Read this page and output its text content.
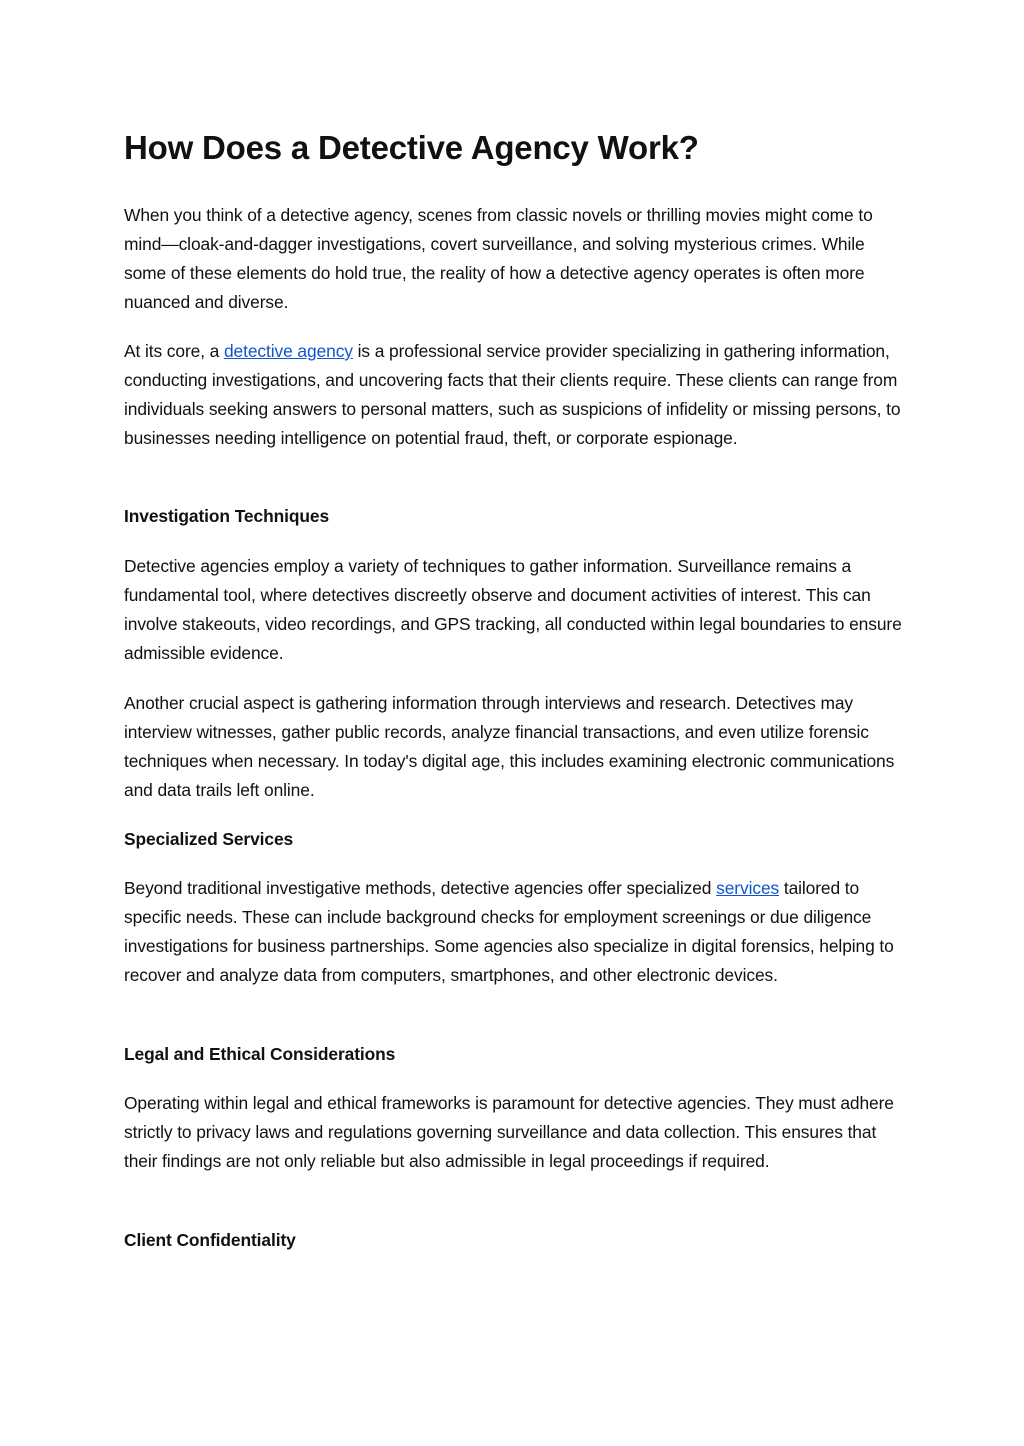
How Does a Detective Agency Work?

When you think of a detective agency, scenes from classic novels or thrilling movies might come to mind—cloak-and-dagger investigations, covert surveillance, and solving mysterious crimes. While some of these elements do hold true, the reality of how a detective agency operates is often more nuanced and diverse.

At its core, a detective agency is a professional service provider specializing in gathering information, conducting investigations, and uncovering facts that their clients require. These clients can range from individuals seeking answers to personal matters, such as suspicions of infidelity or missing persons, to businesses needing intelligence on potential fraud, theft, or corporate espionage.

Investigation Techniques

Detective agencies employ a variety of techniques to gather information. Surveillance remains a fundamental tool, where detectives discreetly observe and document activities of interest. This can involve stakeouts, video recordings, and GPS tracking, all conducted within legal boundaries to ensure admissible evidence.

Another crucial aspect is gathering information through interviews and research. Detectives may interview witnesses, gather public records, analyze financial transactions, and even utilize forensic techniques when necessary. In today's digital age, this includes examining electronic communications and data trails left online.

Specialized Services

Beyond traditional investigative methods, detective agencies offer specialized services tailored to specific needs. These can include background checks for employment screenings or due diligence investigations for business partnerships. Some agencies also specialize in digital forensics, helping to recover and analyze data from computers, smartphones, and other electronic devices.

Legal and Ethical Considerations

Operating within legal and ethical frameworks is paramount for detective agencies. They must adhere strictly to privacy laws and regulations governing surveillance and data collection. This ensures that their findings are not only reliable but also admissible in legal proceedings if required.

Client Confidentiality
